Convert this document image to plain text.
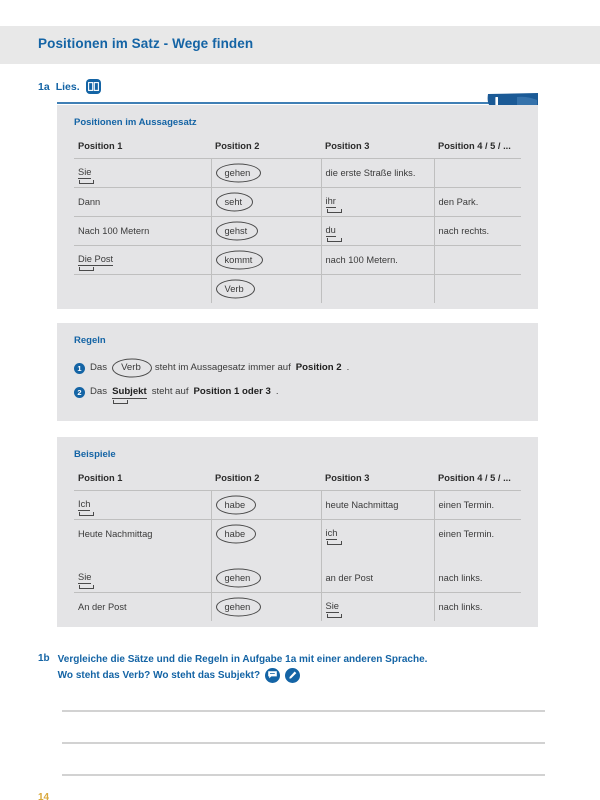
Positionen im Satz - Wege finden
1a Lies.
Positionen im Aussagesatz
Position 1	Position 2	Position 3	Position 4 / 5 / ...
Sie	gehen	die erste Straße links.	
Dann	seht	ihr	den Park.
Nach 100 Metern	gehst	du	nach rechts.
Die Post	kommt	nach 100 Metern.	
	Verb		
Regeln
1 Das	Verb	steht im Aussagesatz immer auf Position 2 .
2 Das Subjekt steht auf Position 1 oder 3 .
Beispiele
Position 1	Position 2	Position 3	Position 4 / 5 / ...
Ich	habe	heute Nachmittag	einen Termin.
Heute Nachmittag	habe	ich	einen Termin.

Sie	gehen	an der Post	nach links.
An der Post	gehen	Sie	nach links.
1b Vergleiche die Sätze und die Regeln in Aufgabe 1a mit einer anderen Sprache.
Wo steht das Verb? Wo steht das Subjekt?
14
